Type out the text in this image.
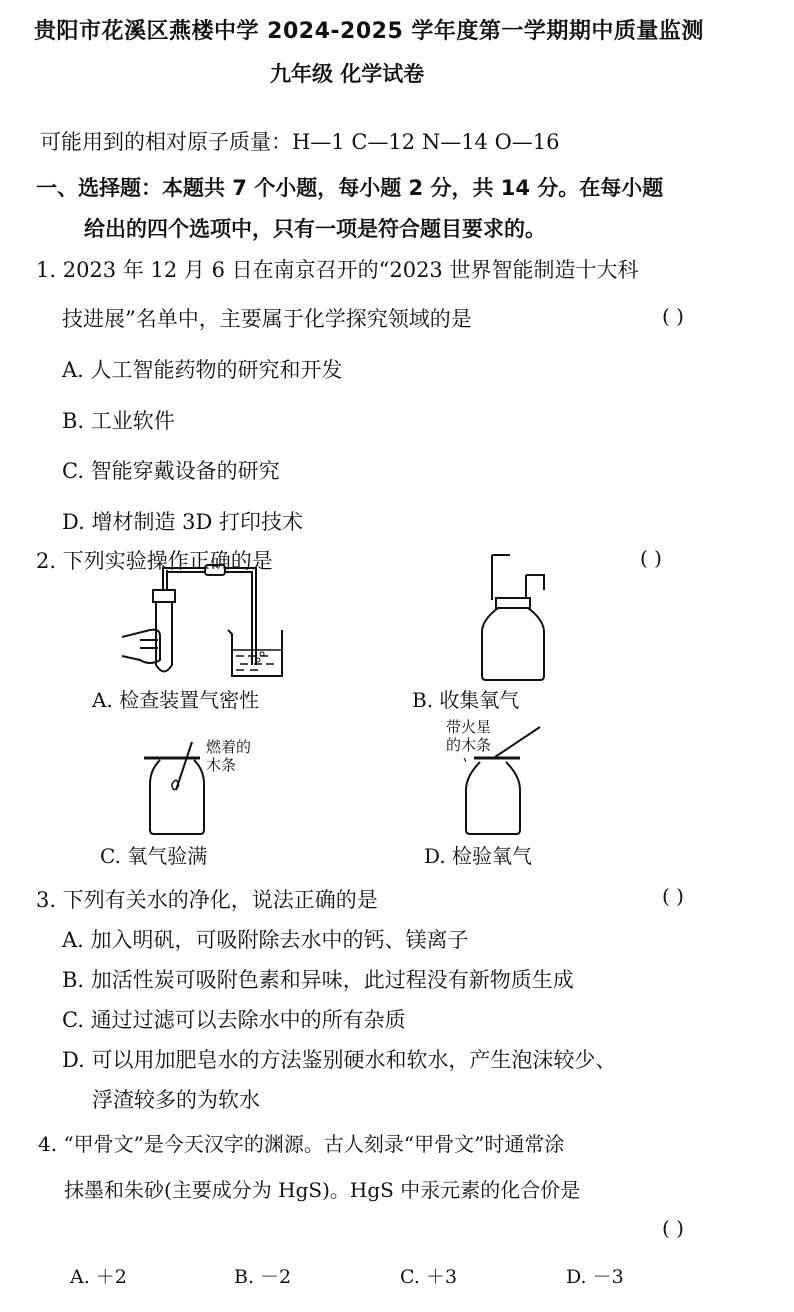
贵阳市花溪区燕楼中学 2024-2025 学年度第一学期期中质量监测
九年级 化学试卷
可能用到的相对原子质量：H—1 C—12 N—14 O—16
一、选择题：本题共 7 个小题，每小题 2 分，共 14 分。在每小题
给出的四个选项中，只有一项是符合题目要求的。
1. 2023 年 12 月 6 日在南京召开的“2023 世界智能制造十大科
技进展”名单中，主要属于化学探究领域的是	( )
A. 人工智能药物的研究和开发
B. 工业软件
C. 智能穿戴设备的研究
D. 增材制造 3D 打印技术
2. 下列实验操作正确的是	( )
A. 检查装置气密性	B. 收集氧气
燃着的
木条
带火星
的木条
C. 氧气验满	D. 检验氧气
3. 下列有关水的净化，说法正确的是	( )
A. 加入明矾，可吸附除去水中的钙、镁离子
B. 加活性炭可吸附色素和异味，此过程没有新物质生成
C. 通过过滤可以去除水中的所有杂质
D. 可以用加肥皂水的方法鉴别硬水和软水，产生泡沫较少、
浮渣较多的为软水
4. “甲骨文”是今天汉字的渊源。古人刻录“甲骨文”时通常涂
抹墨和朱砂(主要成分为 HgS)。HgS 中汞元素的化合价是
( )
A. ＋2	B. －2	C. ＋3	D. －3
